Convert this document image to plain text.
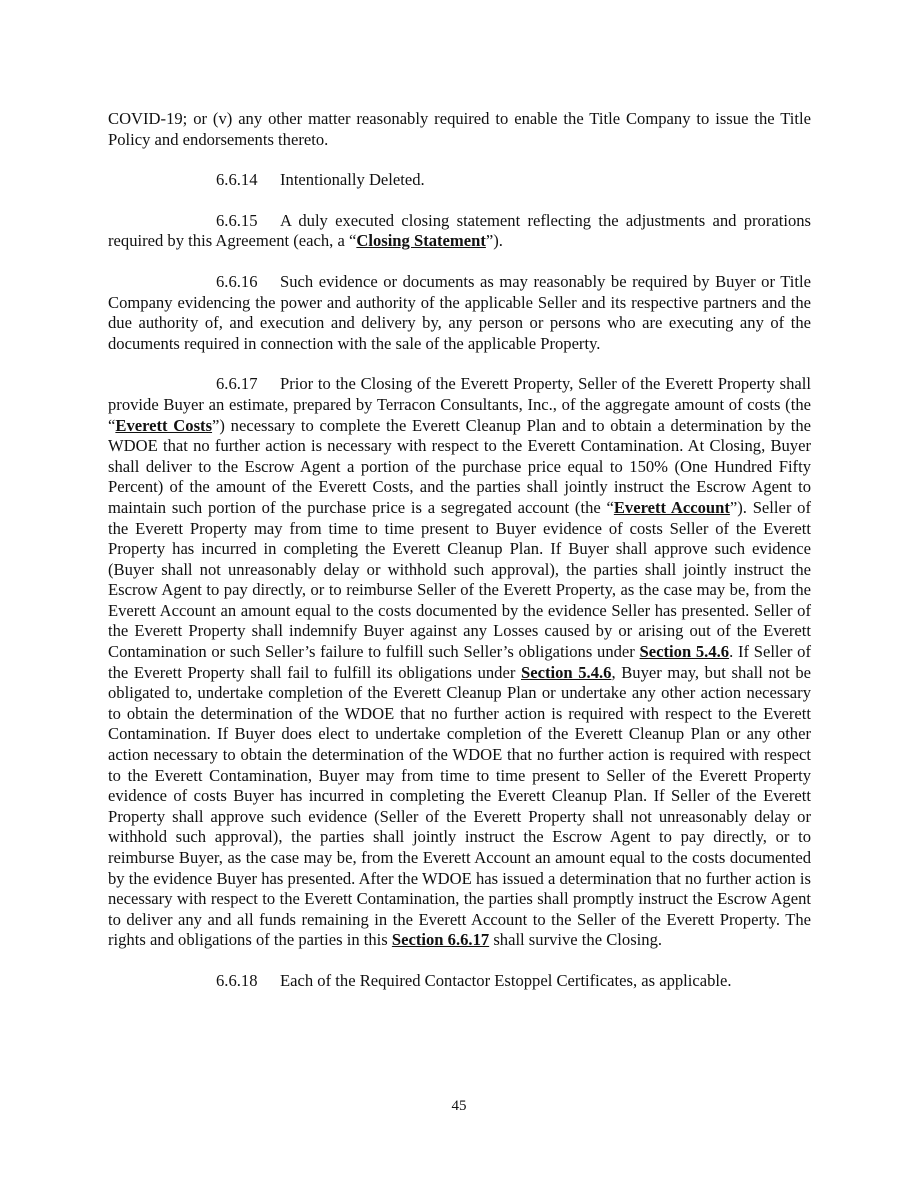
COVID-19; or (v) any other matter reasonably required to enable the Title Company to issue the Title Policy and endorsements thereto.

6.6.14 Intentionally Deleted.

6.6.15 A duly executed closing statement reflecting the adjustments and prorations required by this Agreement (each, a “Closing Statement”).

6.6.16 Such evidence or documents as may reasonably be required by Buyer or Title Company evidencing the power and authority of the applicable Seller and its respective partners and the due authority of, and execution and delivery by, any person or persons who are executing any of the documents required in connection with the sale of the applicable Property.

6.6.17 Prior to the Closing of the Everett Property, Seller of the Everett Property shall provide Buyer an estimate, prepared by Terracon Consultants, Inc., of the aggregate amount of costs (the “Everett Costs”) necessary to complete the Everett Cleanup Plan and to obtain a determination by the WDOE that no further action is necessary with respect to the Everett Contamination. At Closing, Buyer shall deliver to the Escrow Agent a portion of the purchase price equal to 150% (One Hundred Fifty Percent) of the amount of the Everett Costs, and the parties shall jointly instruct the Escrow Agent to maintain such portion of the purchase price is a segregated account (the “Everett Account”). Seller of the Everett Property may from time to time present to Buyer evidence of costs Seller of the Everett Property has incurred in completing the Everett Cleanup Plan. If Buyer shall approve such evidence (Buyer shall not unreasonably delay or withhold such approval), the parties shall jointly instruct the Escrow Agent to pay directly, or to reimburse Seller of the Everett Property, as the case may be, from the Everett Account an amount equal to the costs documented by the evidence Seller has presented. Seller of the Everett Property shall indemnify Buyer against any Losses caused by or arising out of the Everett Contamination or such Seller’s failure to fulfill such Seller’s obligations under Section 5.4.6. If Seller of the Everett Property shall fail to fulfill its obligations under Section 5.4.6, Buyer may, but shall not be obligated to, undertake completion of the Everett Cleanup Plan or undertake any other action necessary to obtain the determination of the WDOE that no further action is required with respect to the Everett Contamination. If Buyer does elect to undertake completion of the Everett Cleanup Plan or any other action necessary to obtain the determination of the WDOE that no further action is required with respect to the Everett Contamination, Buyer may from time to time present to Seller of the Everett Property evidence of costs Buyer has incurred in completing the Everett Cleanup Plan. If Seller of the Everett Property shall approve such evidence (Seller of the Everett Property shall not unreasonably delay or withhold such approval), the parties shall jointly instruct the Escrow Agent to pay directly, or to reimburse Buyer, as the case may be, from the Everett Account an amount equal to the costs documented by the evidence Buyer has presented. After the WDOE has issued a determination that no further action is necessary with respect to the Everett Contamination, the parties shall promptly instruct the Escrow Agent to deliver any and all funds remaining in the Everett Account to the Seller of the Everett Property. The rights and obligations of the parties in this Section 6.6.17 shall survive the Closing.

6.6.18 Each of the Required Contactor Estoppel Certificates, as applicable.

45
